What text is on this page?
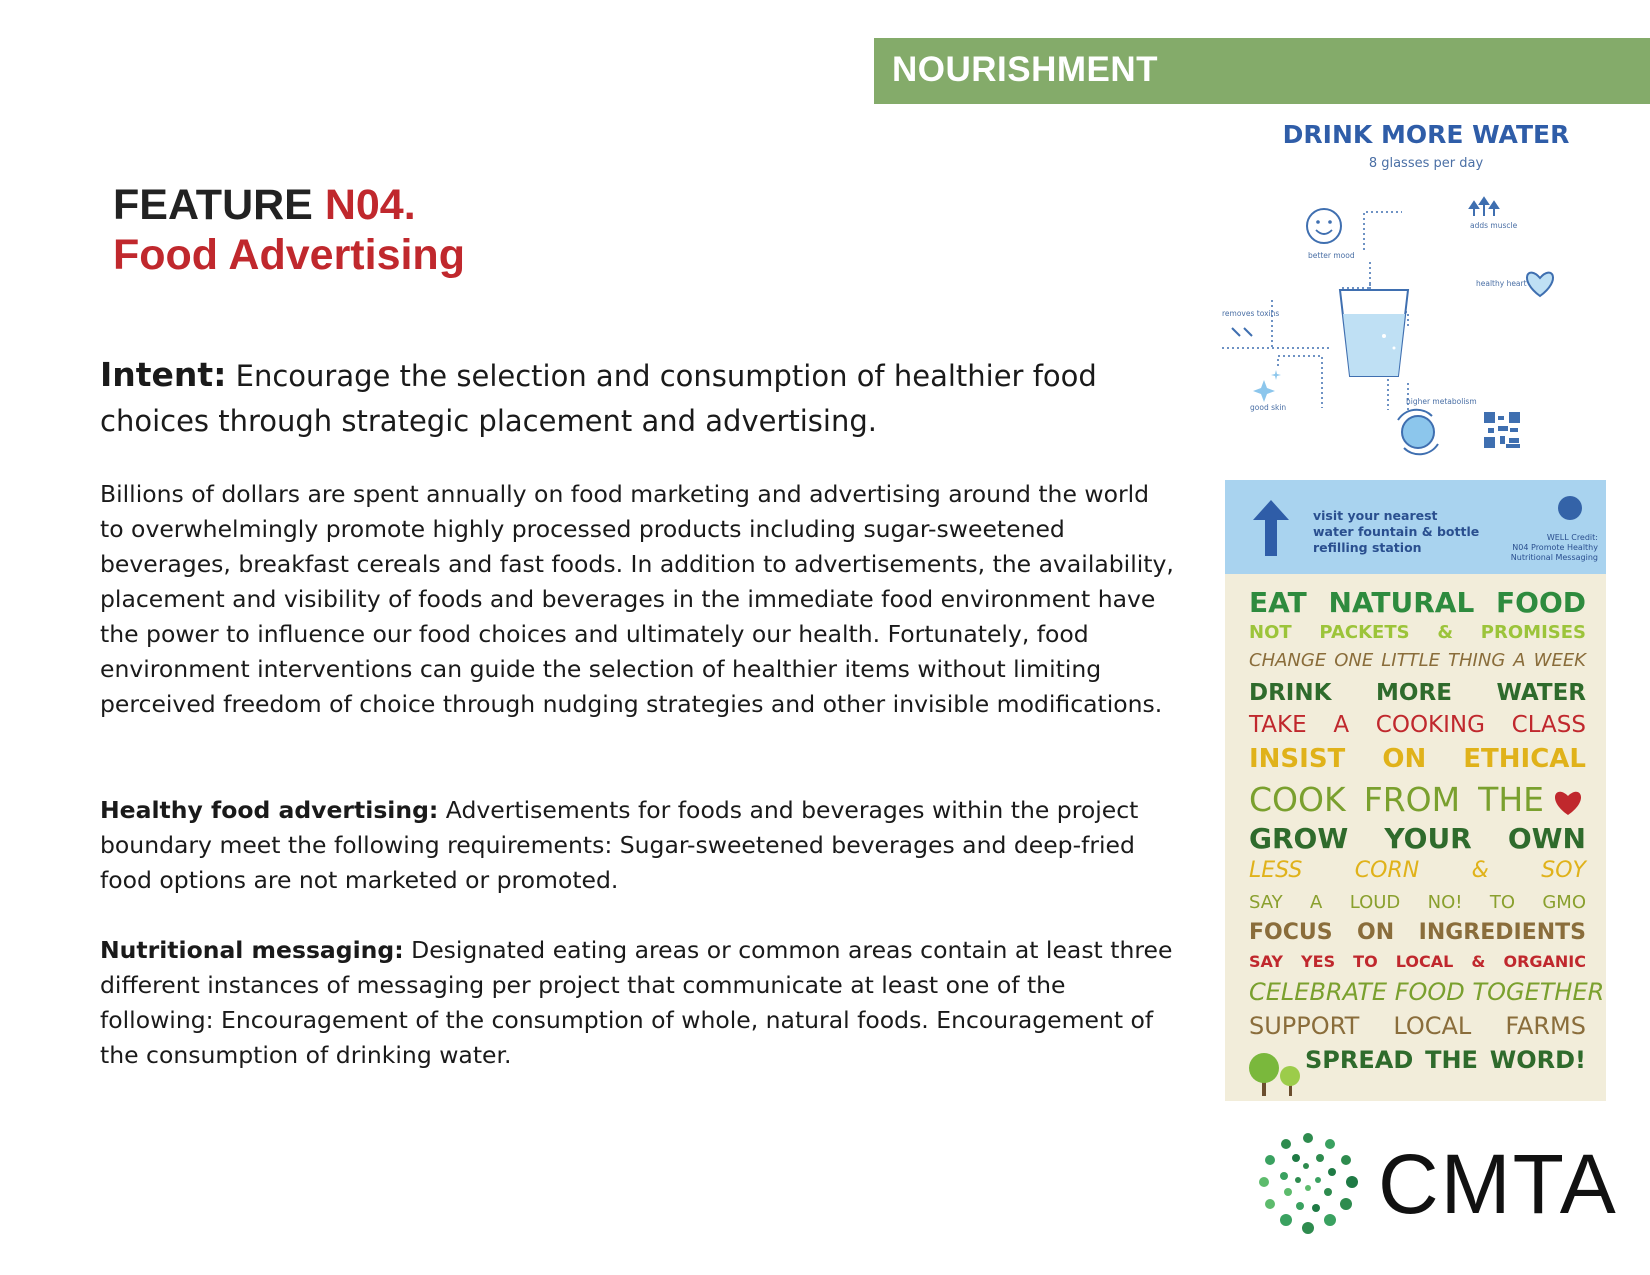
NOURISHMENT
FEATURE N04.
Food Advertising
Intent: Encourage the selection and consumption of healthier food choices through strategic placement and advertising.
Billions of dollars are spent annually on food marketing and advertising around the world to overwhelmingly promote highly processed products including sugar-sweetened beverages, breakfast cereals and fast foods. In addition to advertisements, the availability, placement and visibility of foods and beverages in the immediate food environment have the power to influence our food choices and ultimately our health. Fortunately, food environment interventions can guide the selection of healthier items without limiting perceived freedom of choice through nudging strategies and other invisible modifications.
Healthy food advertising: Advertisements for foods and beverages within the project boundary meet the following requirements: Sugar-sweetened beverages and deep-fried food options are not marketed or promoted.
Nutritional messaging: Designated eating areas or common areas contain at least three different instances of messaging per project that communicate at least one of the following: Encouragement of the consumption of whole, natural foods. Encouragement of the consumption of drinking water.
DRINK MORE WATER
8 glasses per day
better mood
adds muscle
healthy heart
removes toxins
good skin
higher metabolism
visit your nearest
water fountain & bottle
refilling station
WELL Credit:
N04 Promote Healthy
Nutritional Messaging
EAT NATURAL FOOD
NOT PACKETS & PROMISES
CHANGE ONE LITTLE THING A WEEK
DRINK MORE WATER
TAKE A COOKING CLASS
INSIST ON ETHICAL
COOK FROM THE
GROW YOUR OWN
LESS CORN & SOY
SAY A LOUD NO! TO GMO
FOCUS ON INGREDIENTS
SAY YES TO LOCAL & ORGANIC
CELEBRATE FOOD TOGETHER
SUPPORT LOCAL FARMS
SPREAD THE WORD!
CMTA
